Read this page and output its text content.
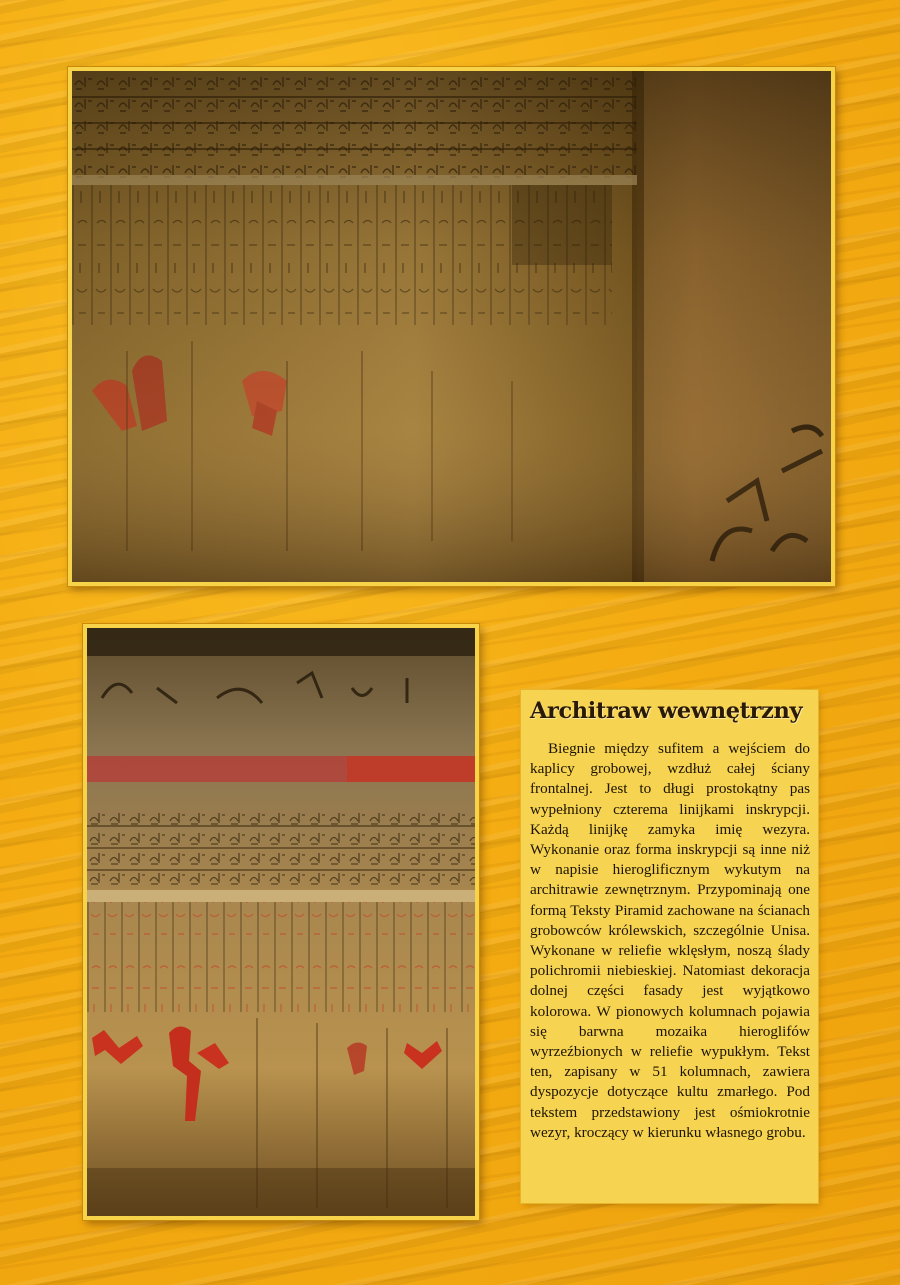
Architraw wewnętrzny

Biegnie między sufitem a wejściem do kaplicy grobowej, wzdłuż całej ściany frontalnej. Jest to długi prostokątny pas wypełniony czterema linijkami inskrypcji. Każdą linijkę zamyka imię wezyra. Wykonanie oraz forma inskrypcji są inne niż w napisie hieroglificznym wykutym na architrawie zewnętrznym. Przypominają one formą Teksty Piramid zachowane na ścianach grobowców królewskich, szczególnie Unisa. Wykonane w reliefie wklęsłym, noszą ślady polichromii niebieskiej. Natomiast dekoracja dolnej części fasady jest wyjątkowo kolorowa. W pionowych kolumnach pojawia się barwna mozaika hieroglifów wyrzeźbionych w reliefie wypukłym. Tekst ten, zapisany w 51 kolumnach, zawiera dyspozycje dotyczące kultu zmarłego. Pod tekstem przedstawiony jest ośmiokrotnie wezyr, kroczący w kierunku własnego grobu.
